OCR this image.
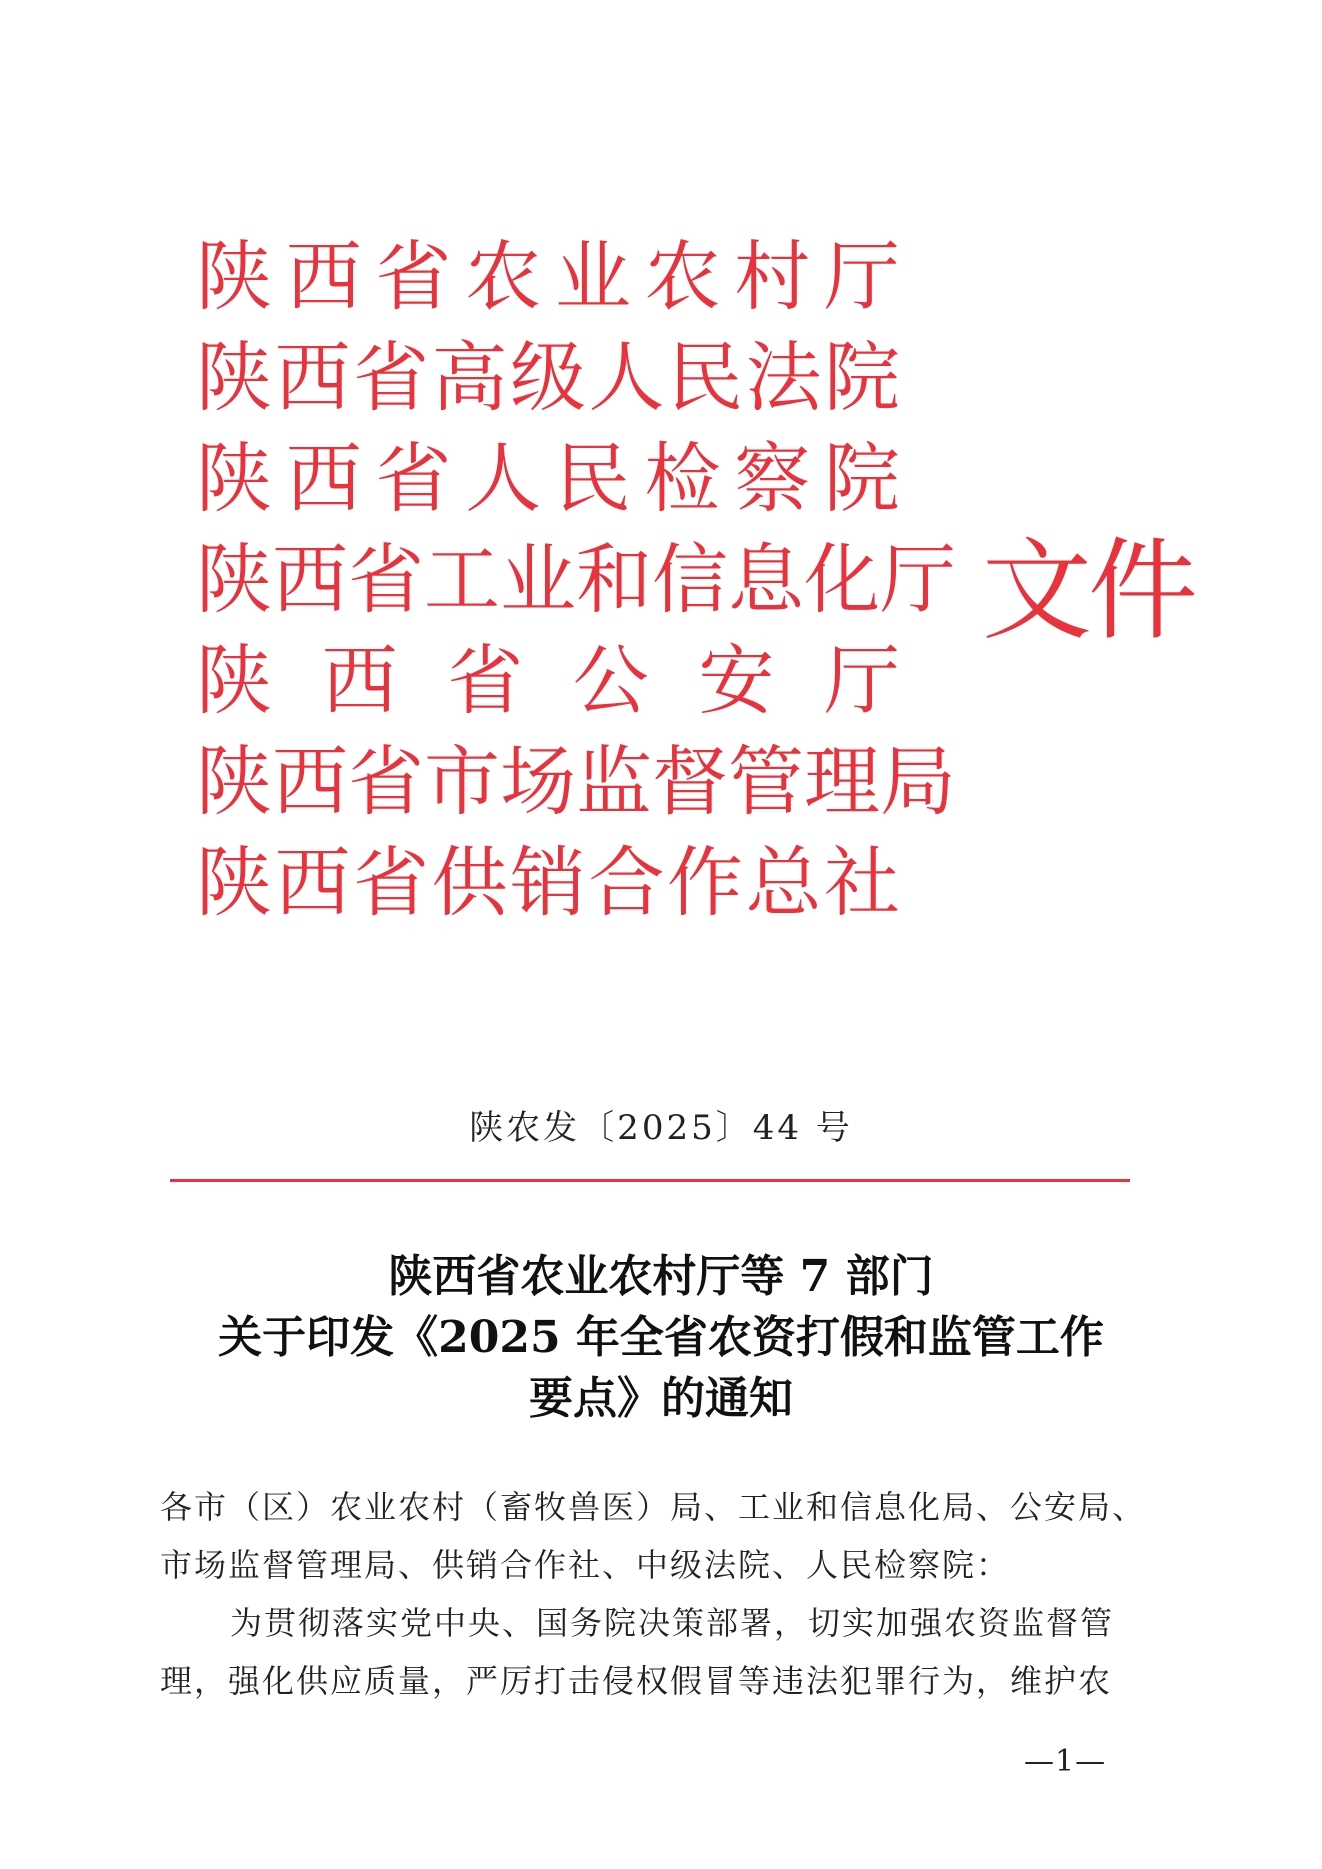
陕 西 省 农 业 农 村 厅
陕 西 省 高 级 人 民 法 院
陕 西 省 人 民 检 察 院
陕 西 省 工 业 和 信 息 化 厅
陕 西 省 公 安 厅
陕 西 省 市 场 监 督 管 理 局
陕 西 省 供 销 合 作 总 社
文件
陕农发〔2025〕44 号
陕西省农业农村厅等 7 部门
关于印发《2025 年全省农资打假和监管工作
要点》的通知

各市（区）农业农村（畜牧兽医）局、工业和信息化局、公安局、

市场监督管理局、供销合作社、中级法院、人民检察院：

为贯彻落实党中央、国务院决策部署，切实加强农资监督管

理，强化供应质量，严厉打击侵权假冒等违法犯罪行为，维护农

—1—
